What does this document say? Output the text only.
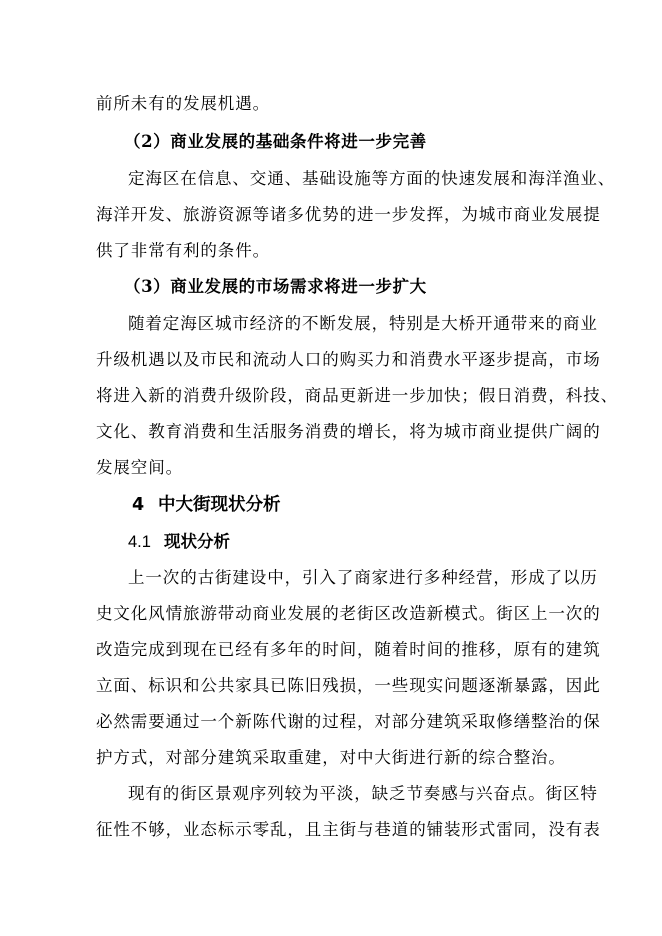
前所未有的发展机遇。
（2）商业发展的基础条件将进一步完善
定海区在信息、交通、基础设施等方面的快速发展和海洋渔业、
海洋开发、旅游资源等诸多优势的进一步发挥，为城市商业发展提
供了非常有利的条件。
（3）商业发展的市场需求将进一步扩大
随着定海区城市经济的不断发展，特别是大桥开通带来的商业
升级机遇以及市民和流动人口的购买力和消费水平逐步提高，市场
将进入新的消费升级阶段，商品更新进一步加快；假日消费，科技、
文化、教育消费和生活服务消费的增长，将为城市商业提供广阔的
发展空间。
4 中大街现状分析
4.1 现状分析
上一次的古街建设中，引入了商家进行多种经营，形成了以历
史文化风情旅游带动商业发展的老街区改造新模式。街区上一次的
改造完成到现在已经有多年的时间，随着时间的推移，原有的建筑
立面、标识和公共家具已陈旧残损，一些现实问题逐渐暴露，因此
必然需要通过一个新陈代谢的过程，对部分建筑采取修缮整治的保
护方式，对部分建筑采取重建，对中大街进行新的综合整治。
现有的街区景观序列较为平淡，缺乏节奏感与兴奋点。街区特
征性不够，业态标示零乱，且主街与巷道的铺装形式雷同，没有表
